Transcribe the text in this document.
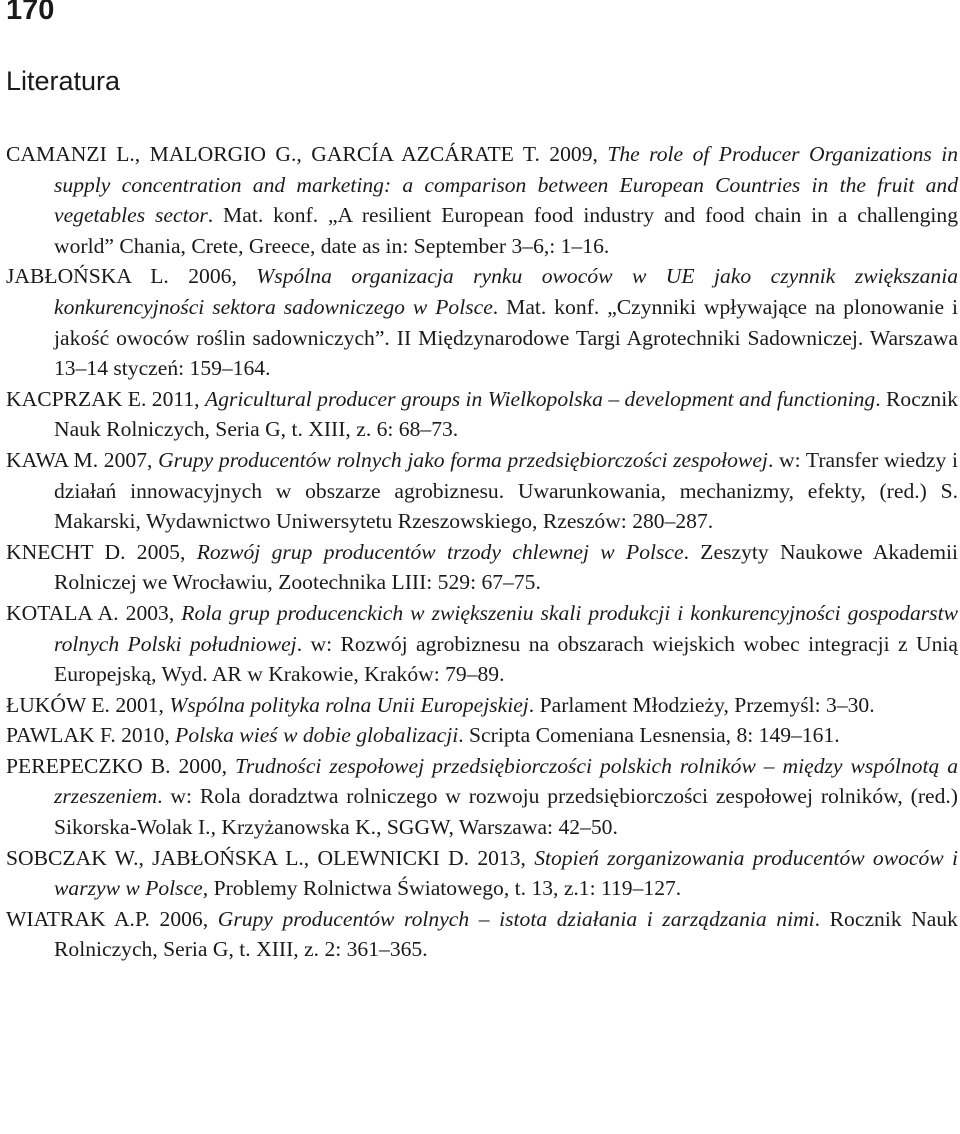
170
Literatura

CAMANZI L., MALORGIO G., GARCÍA AZCÁRATE T. 2009, The role of Producer Organizations in supply concentration and marketing: a comparison between European Countries in the fruit and vegetables sector. Mat. konf. „A resilient European food industry and food chain in a challenging world” Chania, Crete, Greece, date as in: September 3–6,: 1–16.

JABŁOŃSKA L. 2006, Wspólna organizacja rynku owoców w UE jako czynnik zwiększania konkurencyjności sektora sadowniczego w Polsce. Mat. konf. „Czynniki wpływające na plonowanie i jakość owoców roślin sadowniczych”. II Międzynarodowe Targi Agrotechniki Sadowniczej. Warszawa 13–14 styczeń: 159–164.

KACPRZAK E. 2011, Agricultural producer groups in Wielkopolska – development and functioning. Rocznik Nauk Rolniczych, Seria G, t. XIII, z. 6: 68–73.

KAWA M. 2007, Grupy producentów rolnych jako forma przedsiębiorczości zespołowej. w: Transfer wiedzy i działań innowacyjnych w obszarze agrobiznesu. Uwarunkowania, mechanizmy, efekty, (red.) S. Makarski, Wydawnictwo Uniwersytetu Rzeszowskiego, Rzeszów: 280–287.

KNECHT D. 2005, Rozwój grup producentów trzody chlewnej w Polsce. Zeszyty Naukowe Akademii Rolniczej we Wrocławiu, Zootechnika LIII: 529: 67–75.

KOTALA A. 2003, Rola grup producenckich w zwiększeniu skali produkcji i konkurencyjności gospodarstw rolnych Polski południowej. w: Rozwój agrobiznesu na obszarach wiejskich wobec integracji z Unią Europejską, Wyd. AR w Krakowie, Kraków: 79–89.

ŁUKÓW E. 2001, Wspólna polityka rolna Unii Europejskiej. Parlament Młodzieży, Przemyśl: 3–30.

PAWLAK F. 2010, Polska wieś w dobie globalizacji. Scripta Comeniana Lesnensia, 8: 149–161.

PEREPECZKO B. 2000, Trudności zespołowej przedsiębiorczości polskich rolników – między wspólnotą a zrzeszeniem. w: Rola doradztwa rolniczego w rozwoju przedsiębiorczości zespołowej rolników, (red.) Sikorska-Wolak I., Krzyżanowska K., SGGW, Warszawa: 42–50.

SOBCZAK W., JABŁOŃSKA L., OLEWNICKI D. 2013, Stopień zorganizowania producentów owoców i warzyw w Polsce, Problemy Rolnictwa Światowego, t. 13, z.1: 119–127.

WIATRAK A.P. 2006, Grupy producentów rolnych – istota działania i zarządzania nimi. Rocznik Nauk Rolniczych, Seria G, t. XIII, z. 2: 361–365.
